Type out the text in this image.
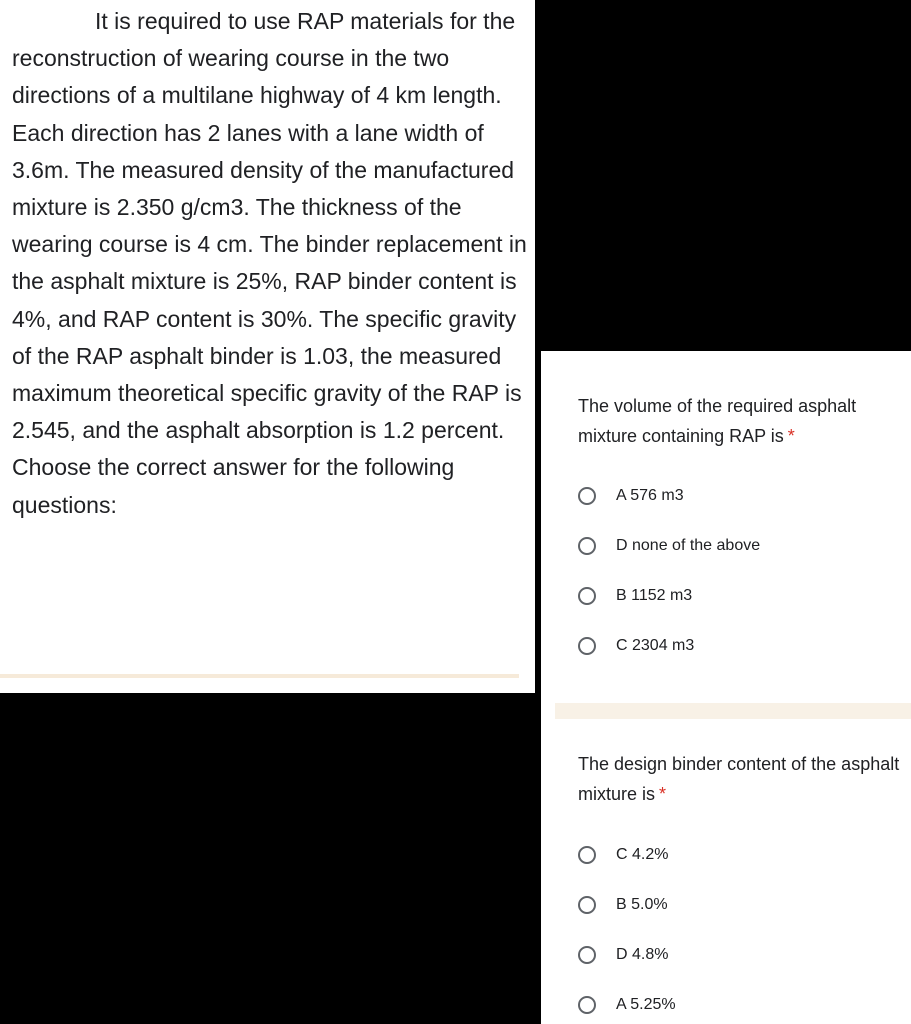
It is required to use RAP materials for the reconstruction of wearing course in the two directions of a multilane highway of 4 km length. Each direction has 2 lanes with a lane width of 3.6m. The measured density of the manufactured mixture is 2.350 g/cm3. The thickness of the wearing course is 4 cm. The binder replacement in the asphalt mixture is 25%, RAP binder content is 4%, and RAP content is 30%. The specific gravity of the RAP asphalt binder is 1.03, the measured maximum theoretical specific gravity of the RAP is 2.545, and the asphalt absorption is 1.2 percent. Choose the correct answer for the following questions:

The volume of the required asphalt mixture containing RAP is *

A 576 m3
D none of the above
B 1152 m3
C 2304 m3

The design binder content of the asphalt mixture is *

C 4.2%
B 5.0%
D 4.8%
A 5.25%
